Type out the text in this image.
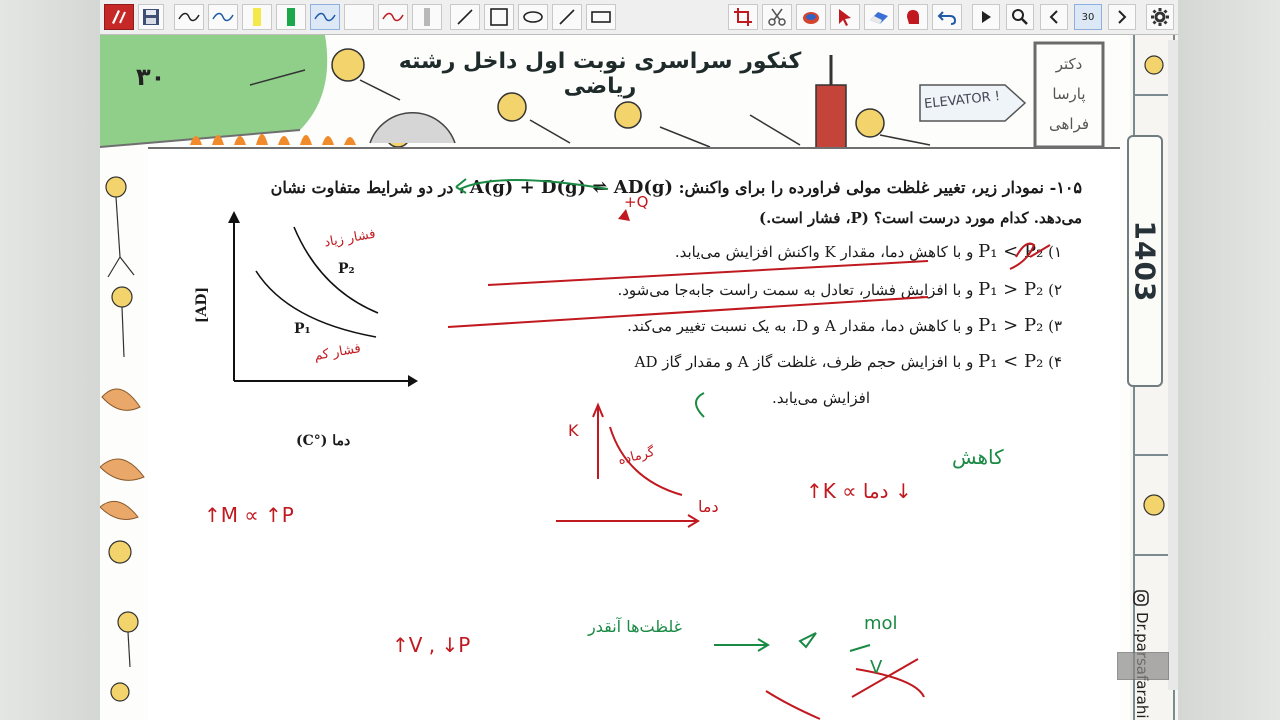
30
ELEVATOR !
دکتر
پارسا
فراهی
۳۰
کنکور سراسری نوبت اول داخل رشته ریاضی
1403
۱۰۵- نمودار زیر، تغییر غلظت مولی فراورده را برای واکنش: A(g) + D(g) ⇌ AD(g) ، در دو شرایط متفاوت نشان
می‌دهد. کدام مورد درست است؟ (P، فشار است.)
۱) P₁ < P₂ و با کاهش دما، مقدار K واکنش افزایش می‌یابد.
۲) P₁ > P₂ و با افزایش فشار، تعادل به سمت راست جابه‌جا می‌شود.
۳) P₁ > P₂ و با کاهش دما، مقدار A و D، به یک نسبت تغییر می‌کند.
۴) P₁ < P₂ و با افزایش حجم ظرف، غلظت گاز A و مقدار گاز AD
افزایش می‌یابد.
[AD]
دما (°C)
P₂
P₁
↑M ∝ ↑P
↑K ∝ دما ↓
↑V , ↓P
غلظت‌ها آنقدر	mol
V
کاهش
+Q
دما
K
گرماده
فشار زیاد
فشار کم
